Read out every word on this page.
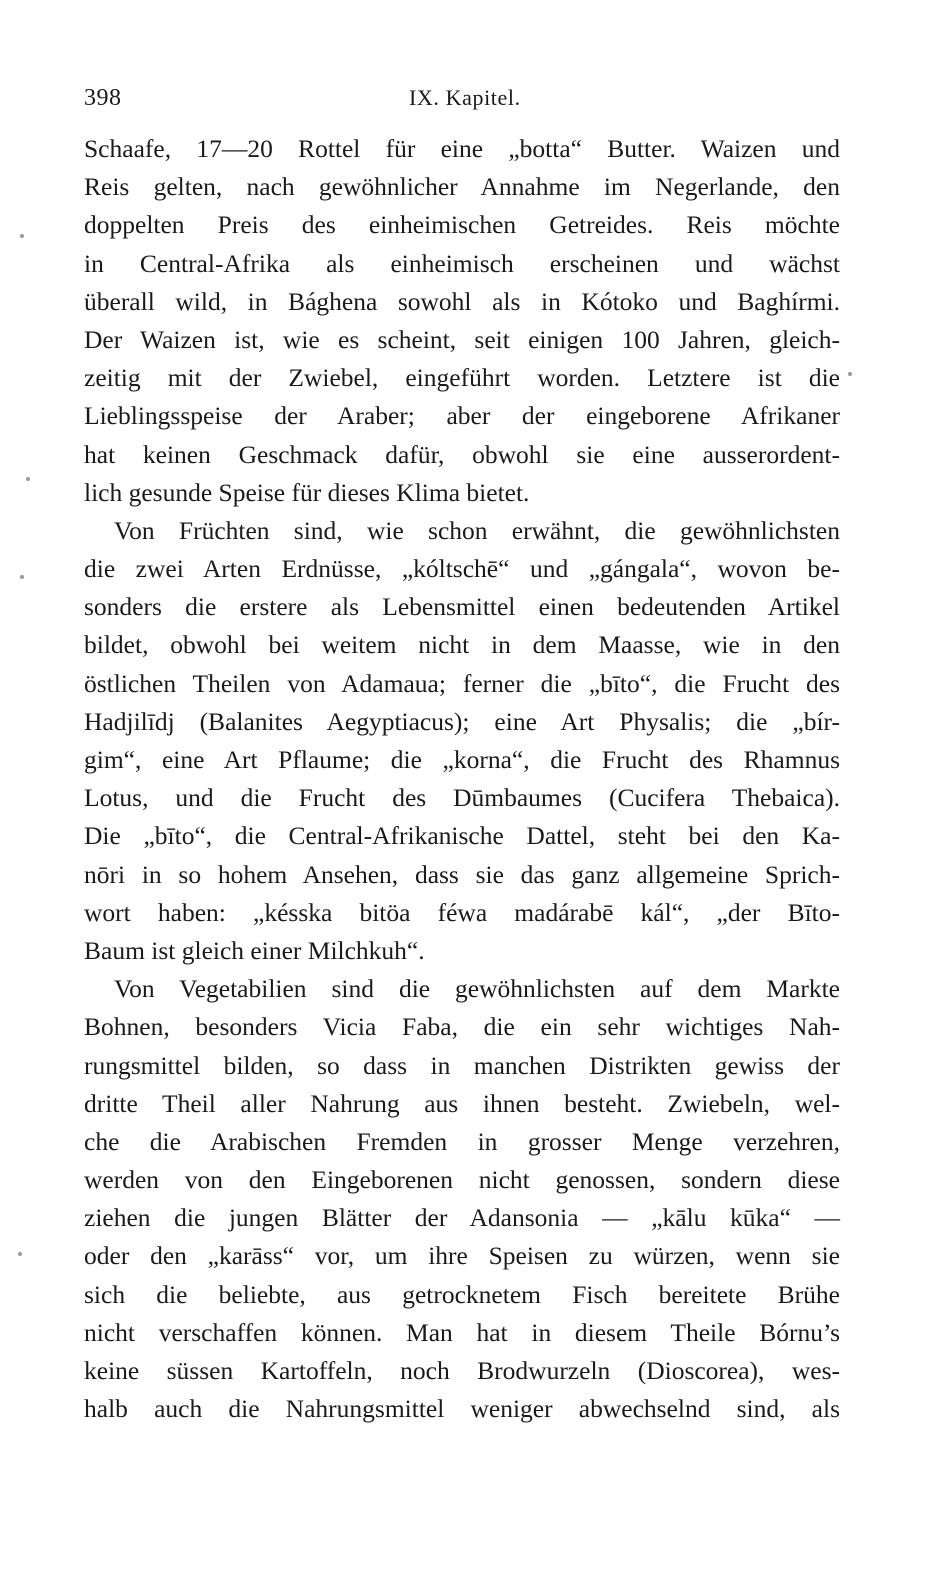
398	IX. Kapitel.
Schaafe, 17—20 Rottel für eine „botta“ Butter. Waizen und
Reis gelten, nach gewöhnlicher Annahme im Negerlande, den
doppelten Preis des einheimischen Getreides. Reis möchte
in Central-Afrika als einheimisch erscheinen und wächst
überall wild, in Bághena sowohl als in Kótoko und Baghírmi.
Der Waizen ist, wie es scheint, seit einigen 100 Jahren, gleich-
zeitig mit der Zwiebel, eingeführt worden. Letztere ist die
Lieblingsspeise der Araber; aber der eingeborene Afrikaner
hat keinen Geschmack dafür, obwohl sie eine ausserordent-
lich gesunde Speise für dieses Klima bietet.
Von Früchten sind, wie schon erwähnt, die gewöhnlichsten
die zwei Arten Erdnüsse, „kóltschē“ und „gángala“, wovon be-
sonders die erstere als Lebensmittel einen bedeutenden Artikel
bildet, obwohl bei weitem nicht in dem Maasse, wie in den
östlichen Theilen von Adamaua; ferner die „bīto“, die Frucht des
Hadjilīdj (Balanites Aegyptiacus); eine Art Physalis; die „bír-
gim“, eine Art Pflaume; die „korna“, die Frucht des Rhamnus
Lotus, und die Frucht des Dūmbaumes (Cucifera Thebaica).
Die „bīto“, die Central-Afrikanische Dattel, steht bei den Ka-
nōri in so hohem Ansehen, dass sie das ganz allgemeine Sprich-
wort haben: „késska bitöa féwa madárabē kál“, „der Bīto-
Baum ist gleich einer Milchkuh“.
Von Vegetabilien sind die gewöhnlichsten auf dem Markte
Bohnen, besonders Vicia Faba, die ein sehr wichtiges Nah-
rungsmittel bilden, so dass in manchen Distrikten gewiss der
dritte Theil aller Nahrung aus ihnen besteht. Zwiebeln, wel-
che die Arabischen Fremden in grosser Menge verzehren,
werden von den Eingeborenen nicht genossen, sondern diese
ziehen die jungen Blätter der Adansonia — „kālu kūka“ —
oder den „karāss“ vor, um ihre Speisen zu würzen, wenn sie
sich die beliebte, aus getrocknetem Fisch bereitete Brühe
nicht verschaffen können. Man hat in diesem Theile Bórnu’s
keine süssen Kartoffeln, noch Brodwurzeln (Dioscorea), wes-
halb auch die Nahrungsmittel weniger abwechselnd sind, als
